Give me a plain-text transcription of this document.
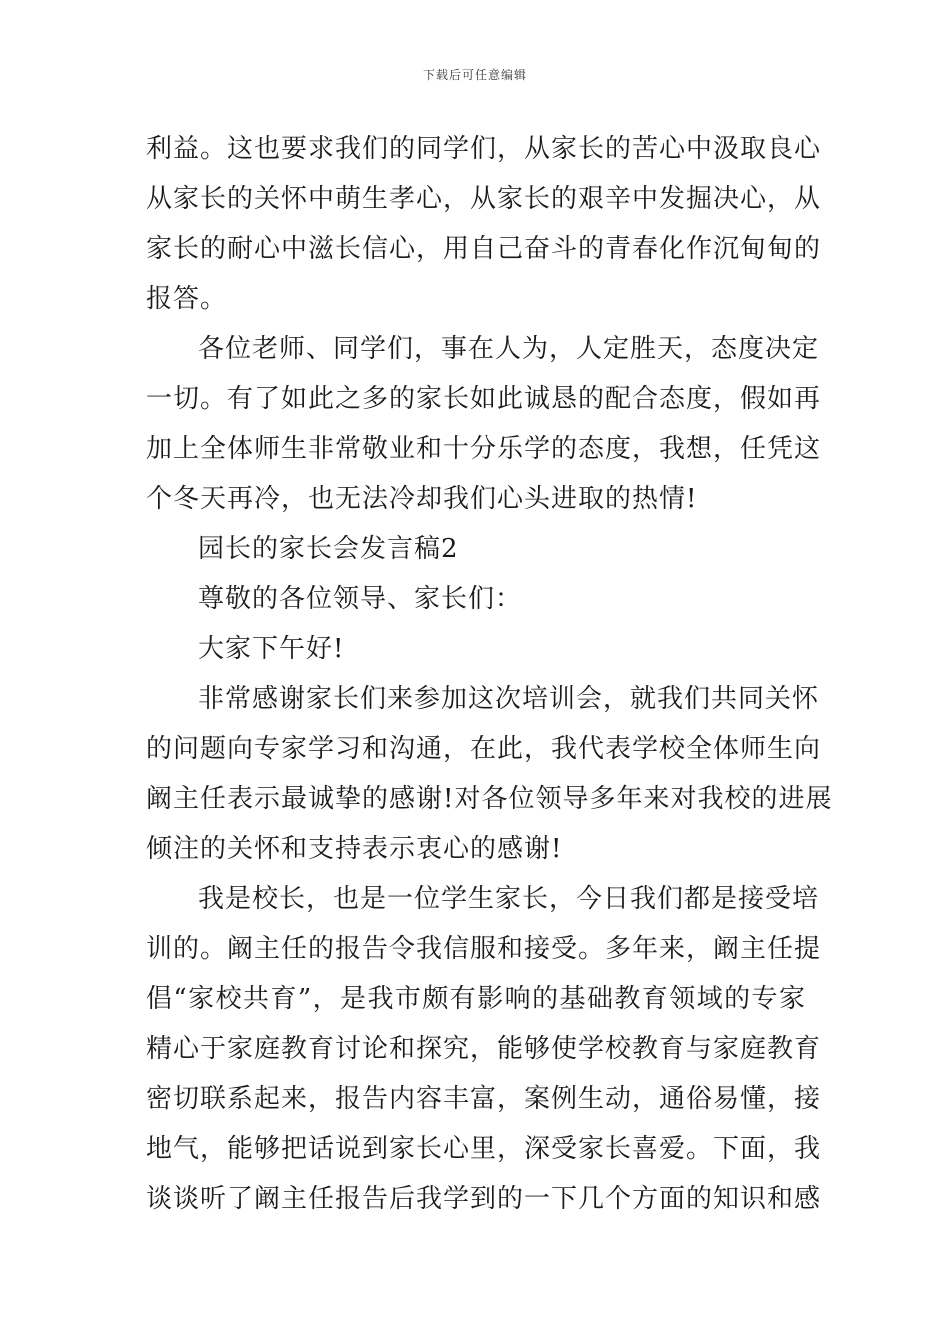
下载后可任意编辑
利益。这也要求我们的同学们，从家长的苦心中汲取良心
从家长的关怀中萌生孝心，从家长的艰辛中发掘决心，从
家长的耐心中滋长信心，用自己奋斗的青春化作沉甸甸的
报答。
各位老师、同学们，事在人为，人定胜天，态度决定
一切。有了如此之多的家长如此诚恳的配合态度，假如再
加上全体师生非常敬业和十分乐学的态度，我想，任凭这
个冬天再冷，也无法冷却我们心头进取的热情!
园长的家长会发言稿2
尊敬的各位领导、家长们：
大家下午好!
非常感谢家长们来参加这次培训会，就我们共同关怀
的问题向专家学习和沟通，在此，我代表学校全体师生向
阚主任表示最诚挚的感谢!对各位领导多年来对我校的进展
倾注的关怀和支持表示衷心的感谢!
我是校长，也是一位学生家长，今日我们都是接受培
训的。阚主任的报告令我信服和接受。多年来，阚主任提
倡“家校共育”，是我市颇有影响的基础教育领域的专家
精心于家庭教育讨论和探究，能够使学校教育与家庭教育
密切联系起来，报告内容丰富，案例生动，通俗易懂，接
地气，能够把话说到家长心里，深受家长喜爱。下面，我
谈谈听了阚主任报告后我学到的一下几个方面的知识和感
